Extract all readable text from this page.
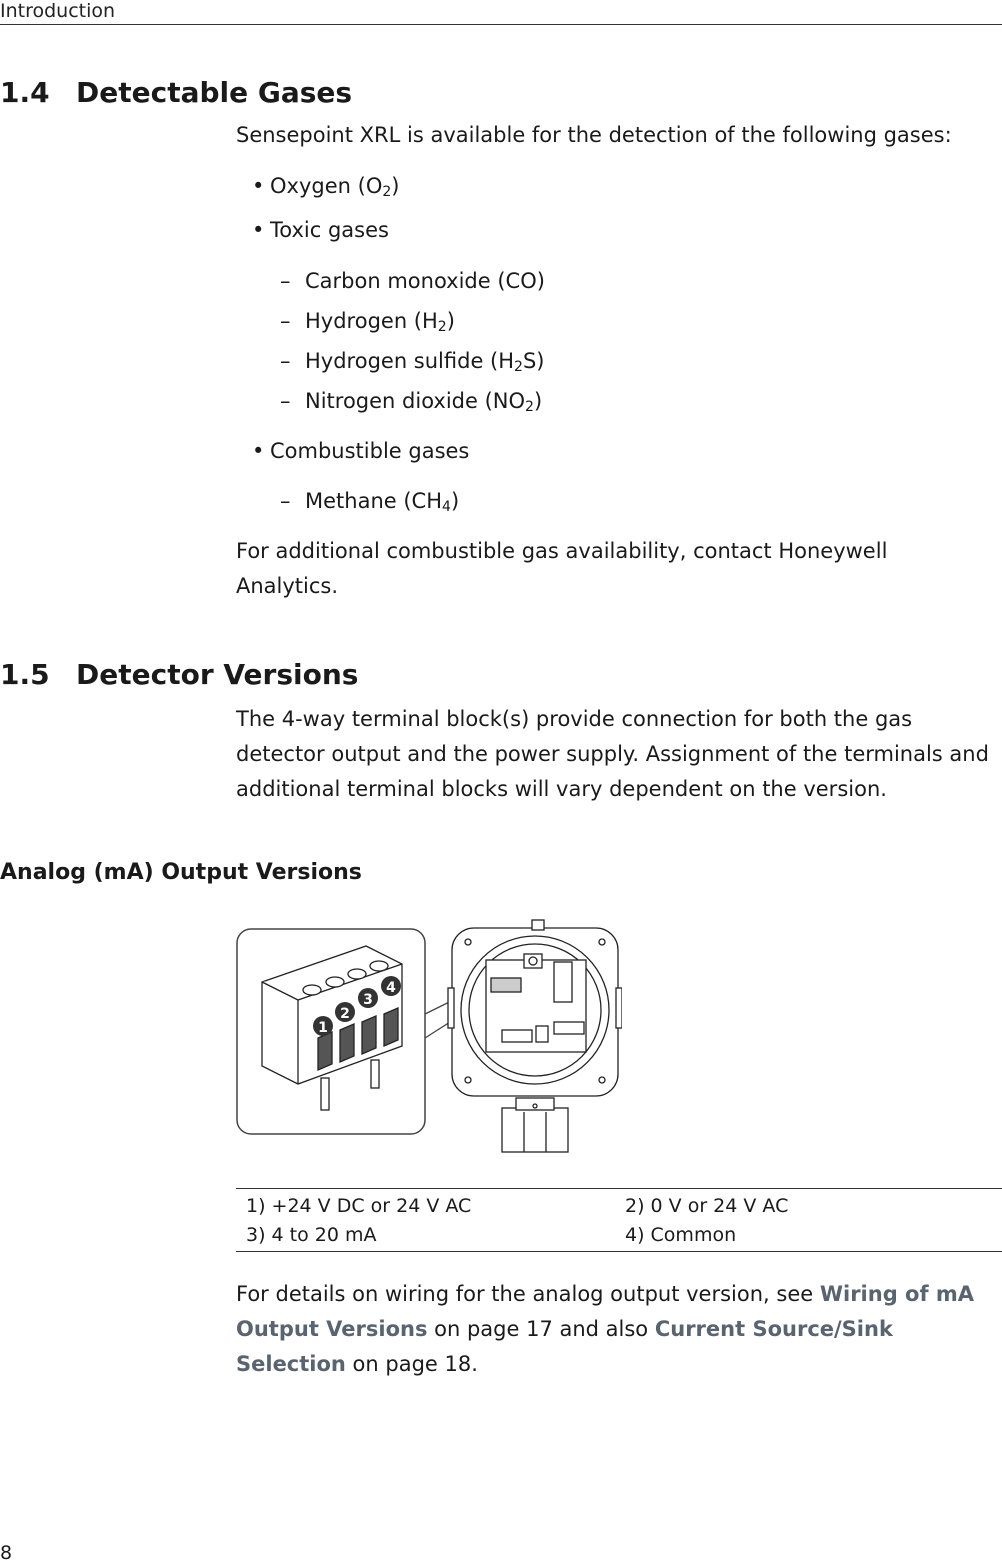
Introduction
1.4 Detectable Gases
Sensepoint XRL is available for the detection of the following gases:
• Oxygen $(O_2)$
• Toxic gases
– Carbon monoxide (CO)
– Hydrogen $(H_2)$
– Hydrogen sulfide $(H_2S)$
– Nitrogen dioxide $(NO_2)$
• Combustible gases
– Methane $(CH_4)$
For additional combustible gas availability, contact Honeywell Analytics.
1.5 Detector Versions
The 4-way terminal block(s) provide connection for both the gas detector output and the power supply. Assignment of the terminals and additional terminal blocks will vary dependent on the version.
Analog (mA) Output Versions
1
2
3
4
1) +24 V DC or 24 V AC	2) 0 V or 24 V AC
3) 4 to 20 mA	4) Common
For details on wiring for the analog output version, see Wiring of mA Output Versions on page 17 and also Current Source/Sink Selection on page 18.
8
